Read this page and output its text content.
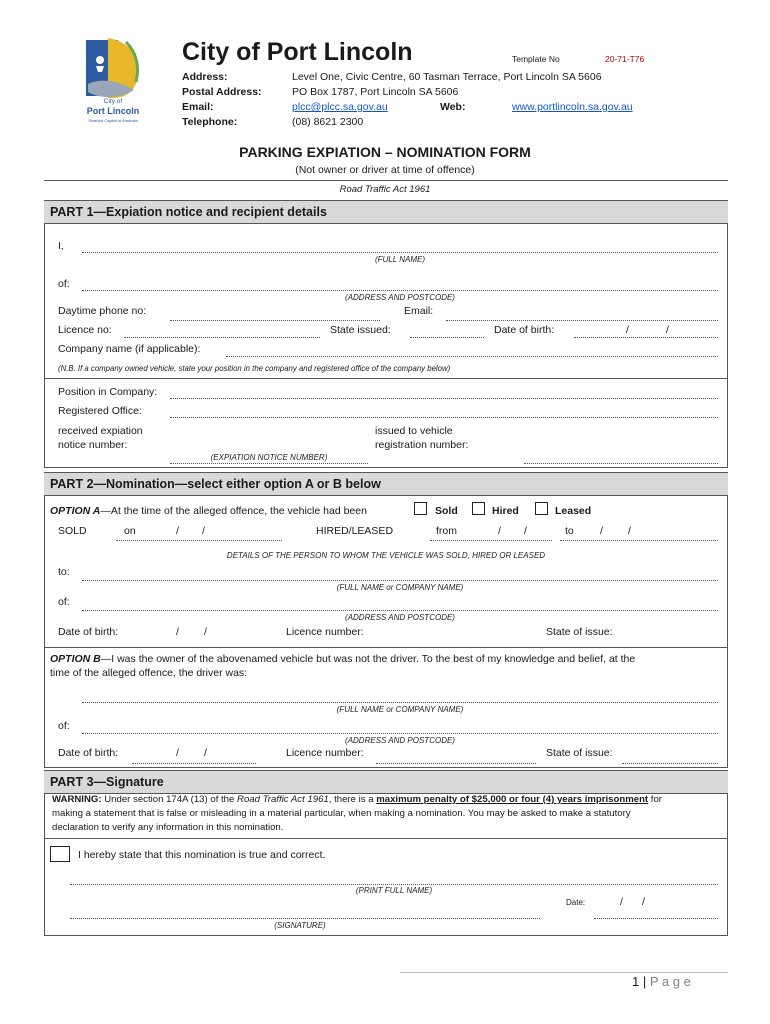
City of
Port Lincoln
Seafood Capital of Australia
City of Port Lincoln	Template No	20-71-T76
Address:	Level One, Civic Centre, 60 Tasman Terrace, Port Lincoln SA 5606
Postal Address:	PO Box 1787, Port Lincoln SA 5606
Email:	plcc@plcc.sa.gov.au	Web:	www.portlincoln.sa.gov.au
Telephone:	(08) 8621 2300
PARKING EXPIATION – NOMINATION FORM
(Not owner or driver at time of offence)
Road Traffic Act 1961
PART 1—Expiation notice and recipient details
I,
(FULL NAME)
of:
(ADDRESS AND POSTCODE)
Daytime phone no:	Email:
Licence no:	State issued:	Date of birth:	/	/
Company name (if applicable):
(N.B. If a company owned vehicle, state your position in the company and registered office of the company below)
Position in Company:
Registered Office:
received expiation
notice number:
issued to vehicle
registration number:
(EXPIATION NOTICE NUMBER)
PART 2—Nomination—select either option A or B below
OPTION A—At the time of the alleged offence, the vehicle had been	Sold	Hired	Leased
SOLD	on	/ /	HIRED/LEASED	from	/ /	to / /
DETAILS OF THE PERSON TO WHOM THE VEHICLE WAS SOLD, HIRED OR LEASED
to:
(FULL NAME or COMPANY NAME)
of:
(ADDRESS AND POSTCODE)
Date of birth:	/ /	Licence number:	State of issue:
OPTION B—I was the owner of the abovenamed vehicle but was not the driver. To the best of my knowledge and belief, at the
time of the alleged offence, the driver was:
(FULL NAME or COMPANY NAME)
of:
(ADDRESS AND POSTCODE)
Date of birth:	/ /	Licence number:	State of issue:
PART 3—Signature
WARNING: Under section 174A (13) of the Road Traffic Act 1961, there is a maximum penalty of $25,000 or four (4) years imprisonment for
making a statement that is false or misleading in a material particular, when making a nomination. You may be asked to make a statutory
declaration to verify any information in this nomination.
I hereby state that this nomination is true and correct.
(PRINT FULL NAME)
(SIGNATURE)
Date:	/ /
1 | P a g e
